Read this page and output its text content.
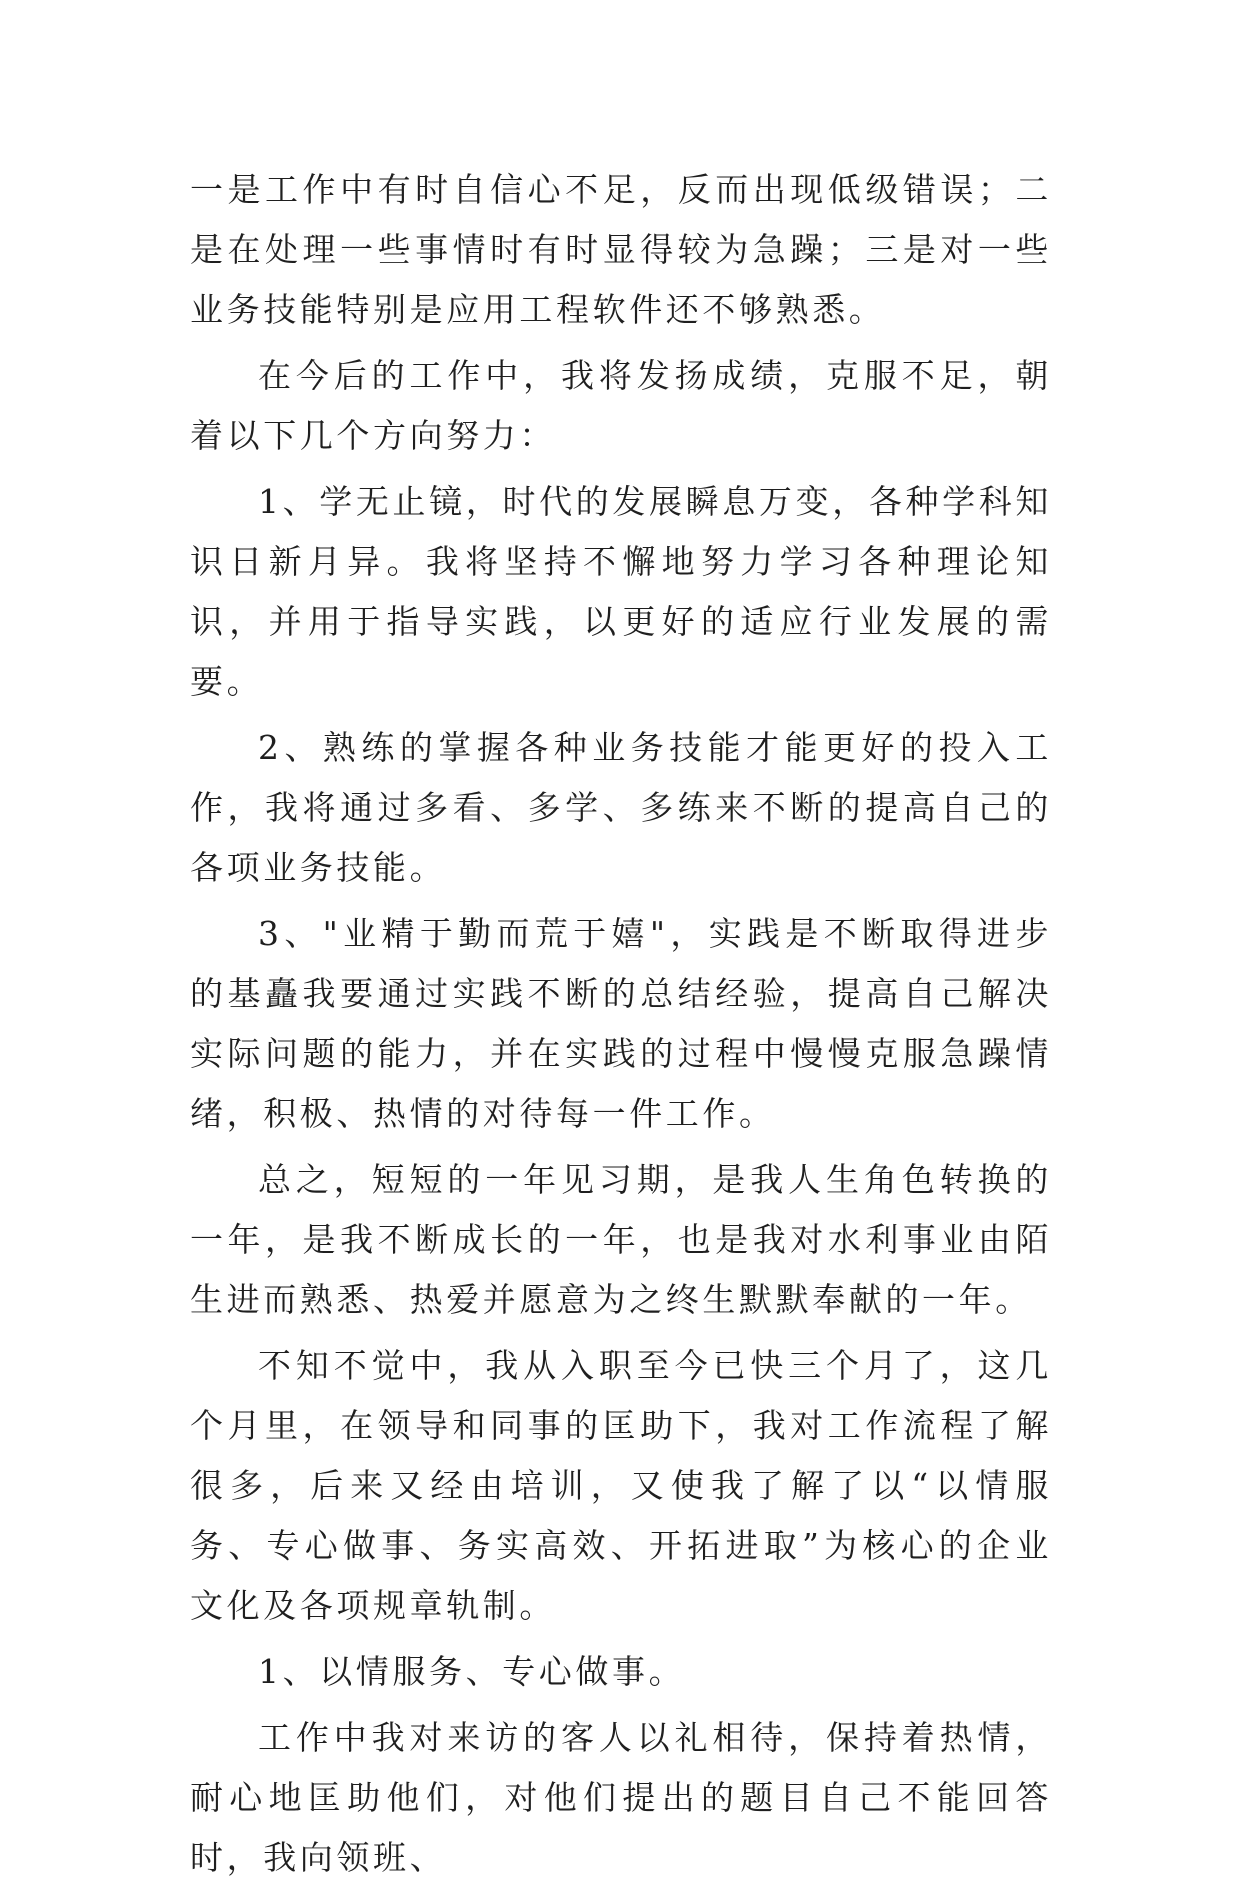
一是工作中有时自信心不足，反而出现低级错误；二是在处理一些事情时有时显得较为急躁；三是对一些业务技能特别是应用工程软件还不够熟悉。

在今后的工作中，我将发扬成绩，克服不足，朝着以下几个方向努力：

1、学无止镜，时代的发展瞬息万变，各种学科知识日新月异。我将坚持不懈地努力学习各种理论知识，并用于指导实践，以更好的适应行业发展的需要。

2、熟练的掌握各种业务技能才能更好的投入工作，我将通过多看、多学、多练来不断的提高自己的各项业务技能。

3、"业精于勤而荒于嬉"，实践是不断取得进步的基矗我要通过实践不断的总结经验，提高自己解决实际问题的能力，并在实践的过程中慢慢克服急躁情绪，积极、热情的对待每一件工作。

总之，短短的一年见习期，是我人生角色转换的一年，是我不断成长的一年，也是我对水利事业由陌生进而熟悉、热爱并愿意为之终生默默奉献的一年。

不知不觉中，我从入职至今已快三个月了，这几个月里，在领导和同事的匡助下，我对工作流程了解很多，后来又经由培训，又使我了解了以“以情服务、专心做事、务实高效、开拓进取”为核心的企业文化及各项规章轨制。

1、以情服务、专心做事。

工作中我对来访的客人以礼相待，保持着热情，耐心地匡助他们，对他们提出的题目自己不能回答时，我向领班、
